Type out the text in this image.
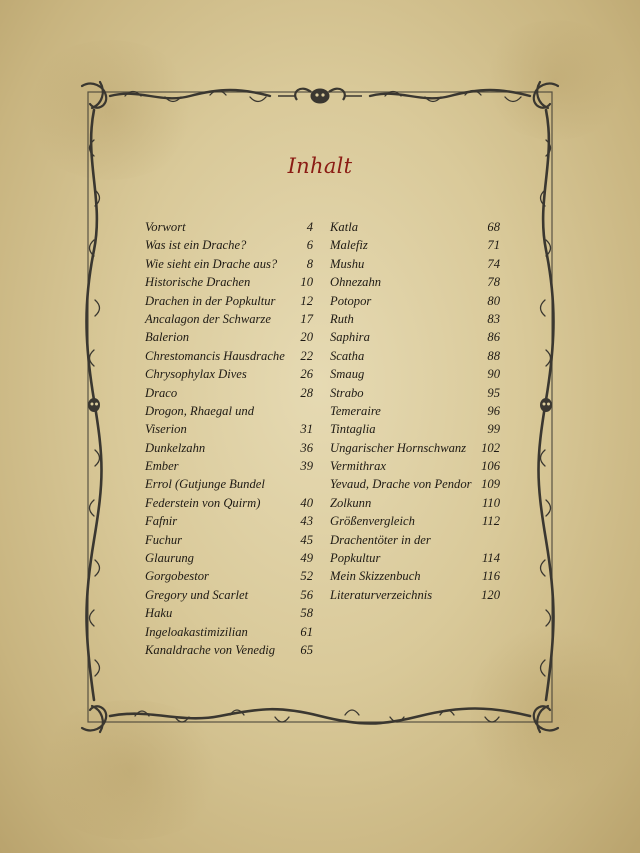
Inhalt
Vorwort	4
Was ist ein Drache?	6
Wie sieht ein Drache aus? 8
Historische Drachen	10
Drachen in der Popkultur 12
Ancalagon der Schwarze 17
Balerion	20
Chrestomancis Hausdrache 22
Chrysophylax Dives	26
Draco	28
Drogon, Rhaegal und
Viserion	31
Dunkelzahn	36
Ember	39
Errol (Gutjunge Bundel
Federstein von Quirm)	40
Fafnir	43
Fuchur	45
Glaurung	49
Gorgobestor	52
Gregory und Scarlet	56
Haku	58
Ingeloakastimizilian	61
Kanaldrache von Venedig 65
Katla	68
Malefiz	71
Mushu	74
Ohnezahn	78
Potopor	80
Ruth	83
Saphira	86
Scatha	88
Smaug	90
Strabo	95
Temeraire	96
Tintaglia	99
Ungarischer Hornschwanz 102
Vermithrax	106
Yevaud, Drache von Pendor 109
Zolkunn	110
Größenvergleich	112
Drachentöter in der
Popkultur	114
Mein Skizzenbuch	116
Literaturverzeichnis	120
